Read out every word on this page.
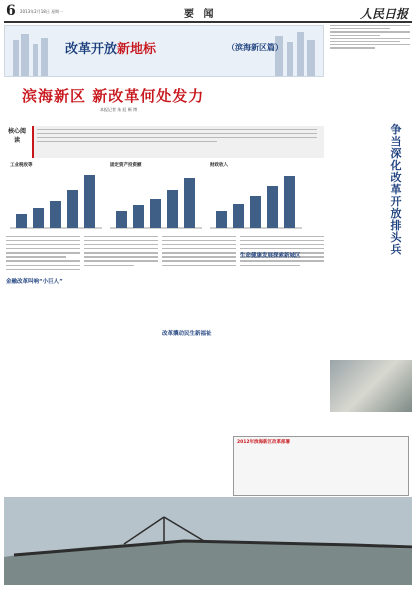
6 2013年2月18日 星期一	要 闻	人民日报
改革开放新地标	（滨海新区篇）
滨海新区 新改革何处发力
本报记者 朱 虹 靳 博
核心阅读
工业税收等	固定资产投资额	财政收入
金融改革叫响“小巨人”
改革攘动民生新福祉
生命健康发展探索新城区
争当深化改革开放排头兵
2012年滨海新区改革部署
